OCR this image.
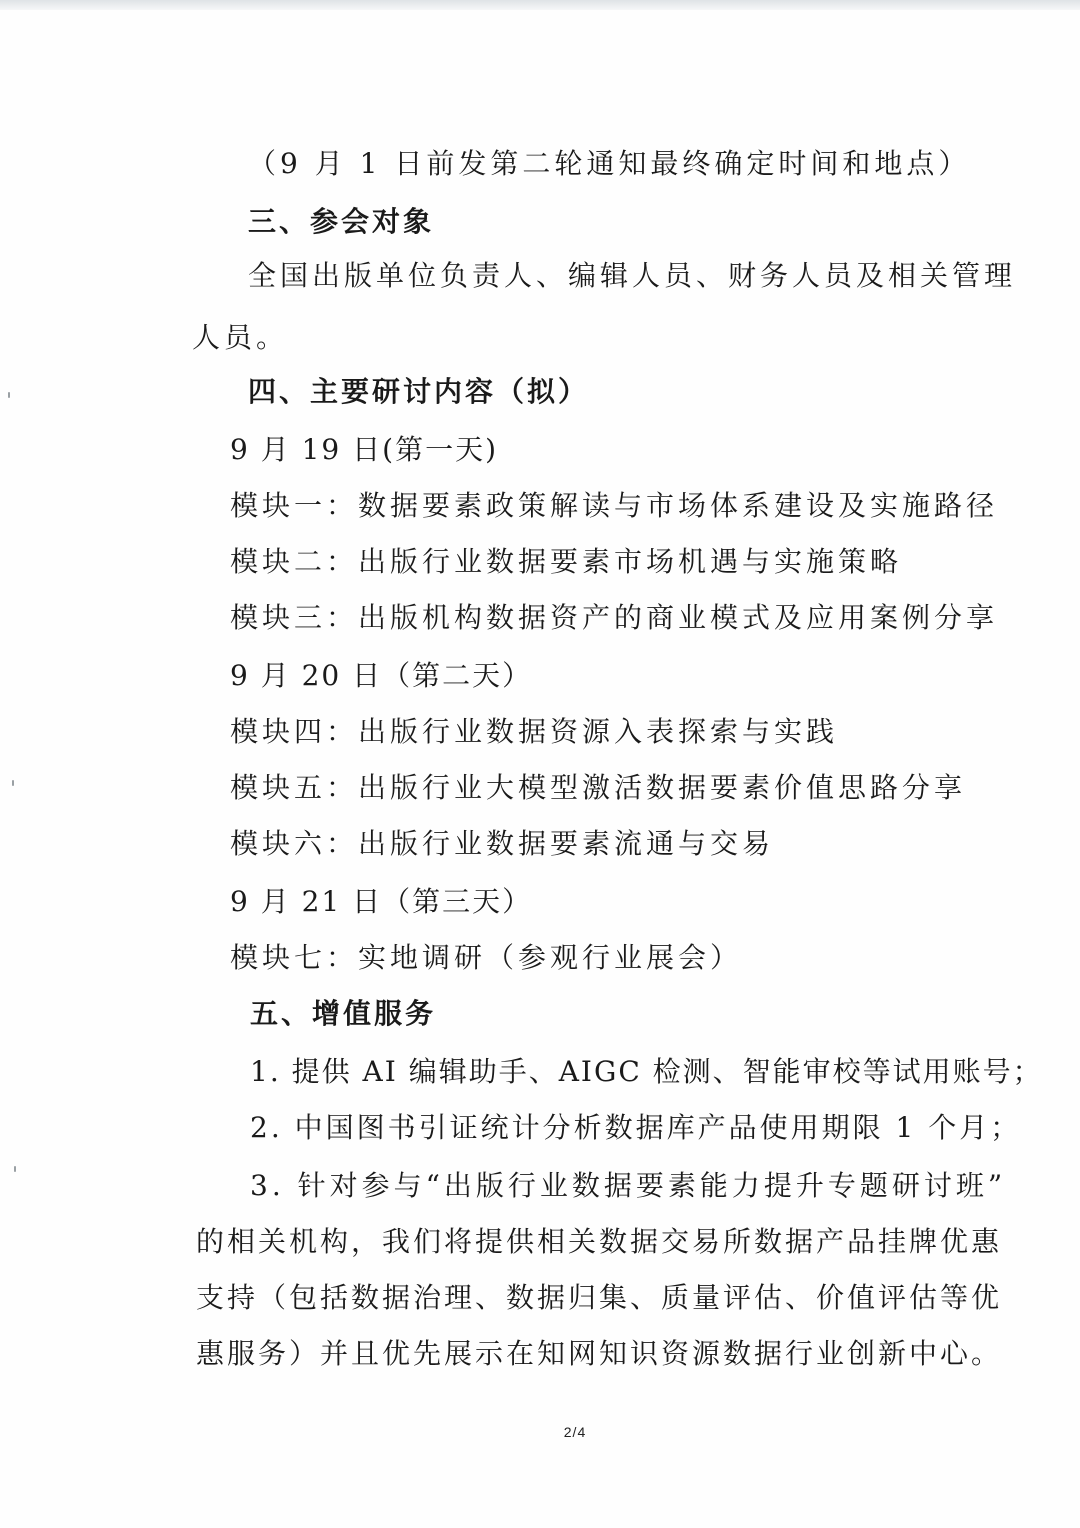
（9 月 1 日前发第二轮通知最终确定时间和地点）
三、参会对象
全国出版单位负责人、编辑人员、财务人员及相关管理
人员。
四、主要研讨内容（拟）
9 月 19 日(第一天)
模块一：数据要素政策解读与市场体系建设及实施路径
模块二：出版行业数据要素市场机遇与实施策略
模块三：出版机构数据资产的商业模式及应用案例分享
9 月 20 日（第二天）
模块四：出版行业数据资源入表探索与实践
模块五：出版行业大模型激活数据要素价值思路分享
模块六：出版行业数据要素流通与交易
9 月 21 日（第三天）
模块七：实地调研（参观行业展会）
五、增值服务
1. 提供 AI 编辑助手、AIGC 检测、智能审校等试用账号；
2. 中国图书引证统计分析数据库产品使用期限 1 个月；
3. 针对参与“出版行业数据要素能力提升专题研讨班”
的相关机构，我们将提供相关数据交易所数据产品挂牌优惠
支持（包括数据治理、数据归集、质量评估、价值评估等优
惠服务）并且优先展示在知网知识资源数据行业创新中心。
2/4
